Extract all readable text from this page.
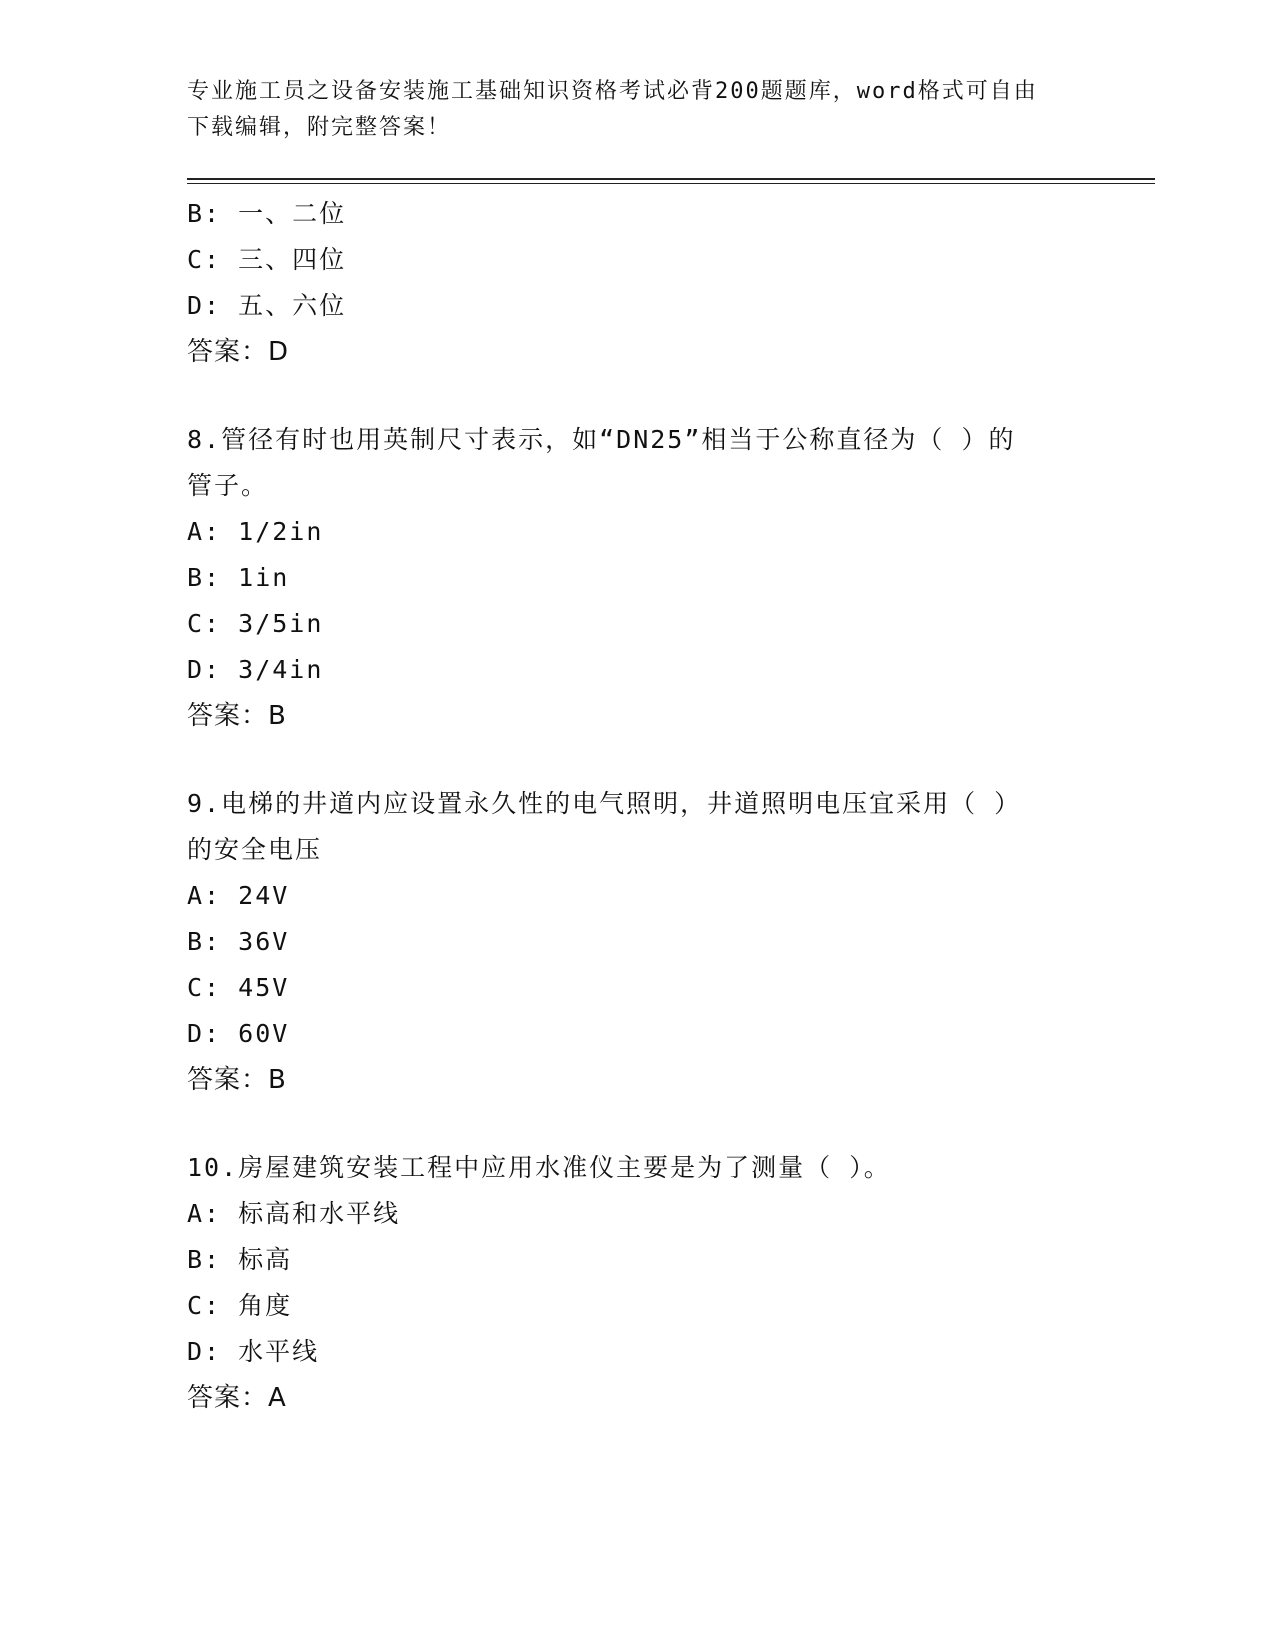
专业施工员之设备安装施工基础知识资格考试必背200题题库，word格式可自由
下载编辑，附完整答案！
B: 一、二位
C: 三、四位
D: 五、六位
答案：D
8.管径有时也用英制尺寸表示，如“DN25”相当于公称直径为（ ）的
管子。
A: 1/2in
B: 1in
C: 3/5in
D: 3/4in
答案：B
9.电梯的井道内应设置永久性的电气照明，井道照明电压宜采用（ ）
的安全电压
A: 24V
B: 36V
C: 45V
D: 60V
答案：B
10.房屋建筑安装工程中应用水准仪主要是为了测量（ ）。
A: 标高和水平线
B: 标高
C: 角度
D: 水平线
答案：A
